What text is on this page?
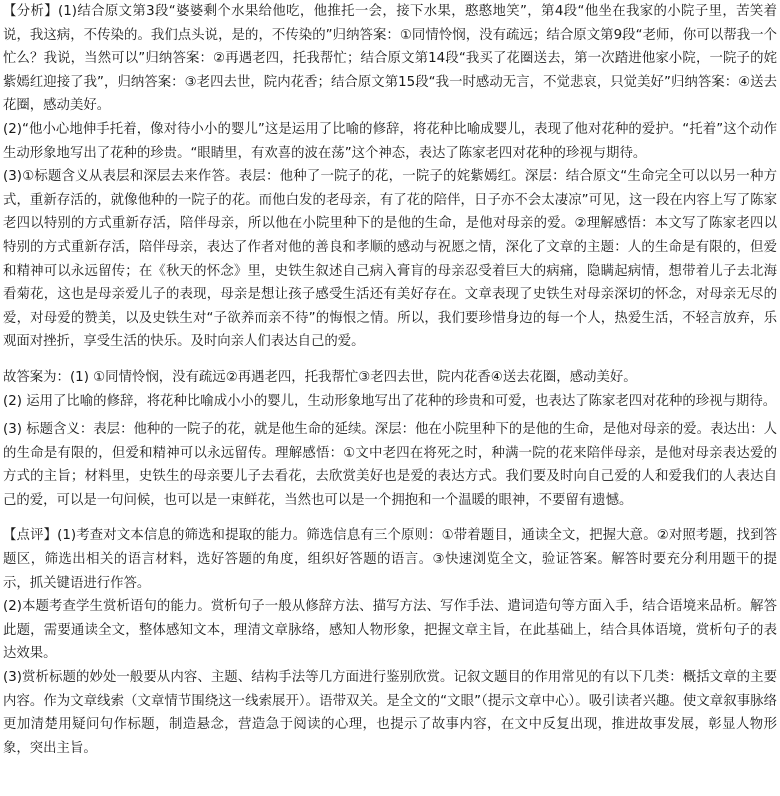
【分析】(1)结合原文第3段“婆婆剩个水果给他吃，他推托一会，接下水果，憨憨地笑”，第4段“他坐在我家的小院子里，苦笑着说，我这病，不传染的。我们点头说，是的，不传染的”归纳答案：①同情怜悯，没有疏远；结合原文第9段“老师，你可以帮我一个忙么？我说，当然可以”归纳答案：②再遇老四，托我帮忙；结合原文第14段“我买了花圈送去，第一次踏进他家小院，一院子的姹紫嫣红迎接了我”，归纳答案：③老四去世，院内花香；结合原文第15段“我一时感动无言，不觉悲哀，只觉美好”归纳答案：④送去花圈，感动美好。

(2)“他小心地伸手托着，像对待小小的婴儿”这是运用了比喻的修辞，将花种比喻成婴儿，表现了他对花种的爱护。“托着”这个动作生动形象地写出了花种的珍贵。“眼睛里，有欢喜的波在荡”这个神态，表达了陈家老四对花种的珍视与期待。

(3)①标题含义从表层和深层去来作答。表层：他种了一院子的花，一院子的姹紫嫣红。深层：结合原文“生命完全可以以另一种方式，重新存活的，就像他种的一院子的花。而他白发的老母亲，有了花的陪伴，日子亦不会太凄凉”可见，这一段在内容上写了陈家老四以特别的方式重新存活，陪伴母亲，所以他在小院里种下的是他的生命，是他对母亲的爱。②理解感悟：本文写了陈家老四以特别的方式重新存活，陪伴母亲，表达了作者对他的善良和孝顺的感动与祝愿之情，深化了文章的主题：人的生命是有限的，但爱和精神可以永远留传；在《秋天的怀念》里，史铁生叙述自己病入膏肓的母亲忍受着巨大的病痛，隐瞒起病情，想带着儿子去北海看菊花，这也是母亲爱儿子的表现，母亲是想让孩子感受生活还有美好存在。文章表现了史铁生对母亲深切的怀念，对母亲无尽的爱，对母爱的赞美，以及史铁生对“子欲养而亲不待”的悔恨之情。所以，我们要珍惜身边的每一个人，热爱生活，不轻言放弃，乐观面对挫折，享受生活的快乐。及时向亲人们表达自己的爱。

故答案为：(1) ①同情怜悯，没有疏远②再遇老四，托我帮忙③老四去世，院内花香④送去花圈，感动美好。

(2) 运用了比喻的修辞，将花种比喻成小小的婴儿，生动形象地写出了花种的珍贵和可爱，也表达了陈家老四对花种的珍视与期待。

(3) 标题含义：表层：他种的一院子的花，就是他生命的延续。深层：他在小院里种下的是他的生命，是他对母亲的爱。表达出：人的生命是有限的，但爱和精神可以永远留传。理解感悟：①文中老四在将死之时，种满一院的花来陪伴母亲，是他对母亲表达爱的方式的主旨；材料里，史铁生的母亲要儿子去看花，去欣赏美好也是爱的表达方式。我们要及时向自己爱的人和爱我们的人表达自己的爱，可以是一句问候，也可以是一束鲜花，当然也可以是一个拥抱和一个温暖的眼神，不要留有遗憾。

【点评】(1)考查对文本信息的筛选和提取的能力。筛选信息有三个原则：①带着题目，通读全文，把握大意。②对照考题，找到答题区，筛选出相关的语言材料，选好答题的角度，组织好答题的语言。③快速浏览全文，验证答案。解答时要充分利用题干的提示，抓关键语进行作答。

(2)本题考查学生赏析语句的能力。赏析句子一般从修辞方法、描写方法、写作手法、遣词造句等方面入手，结合语境来品析。解答此题，需要通读全文，整体感知文本，理清文章脉络，感知人物形象，把握文章主旨，在此基础上，结合具体语境，赏析句子的表达效果。

(3)赏析标题的妙处一般要从内容、主题、结构手法等几方面进行鉴别欣赏。记叙文题目的作用常见的有以下几类：概括文章的主要内容。作为文章线索（文章情节围绕这一线索展开）。语带双关。是全文的“文眼”（提示文章中心）。吸引读者兴趣。使文章叙事脉络更加清楚用疑问句作标题，制造悬念，营造急于阅读的心理，也提示了故事内容，在文中反复出现，推进故事发展，彰显人物形象，突出主旨。
